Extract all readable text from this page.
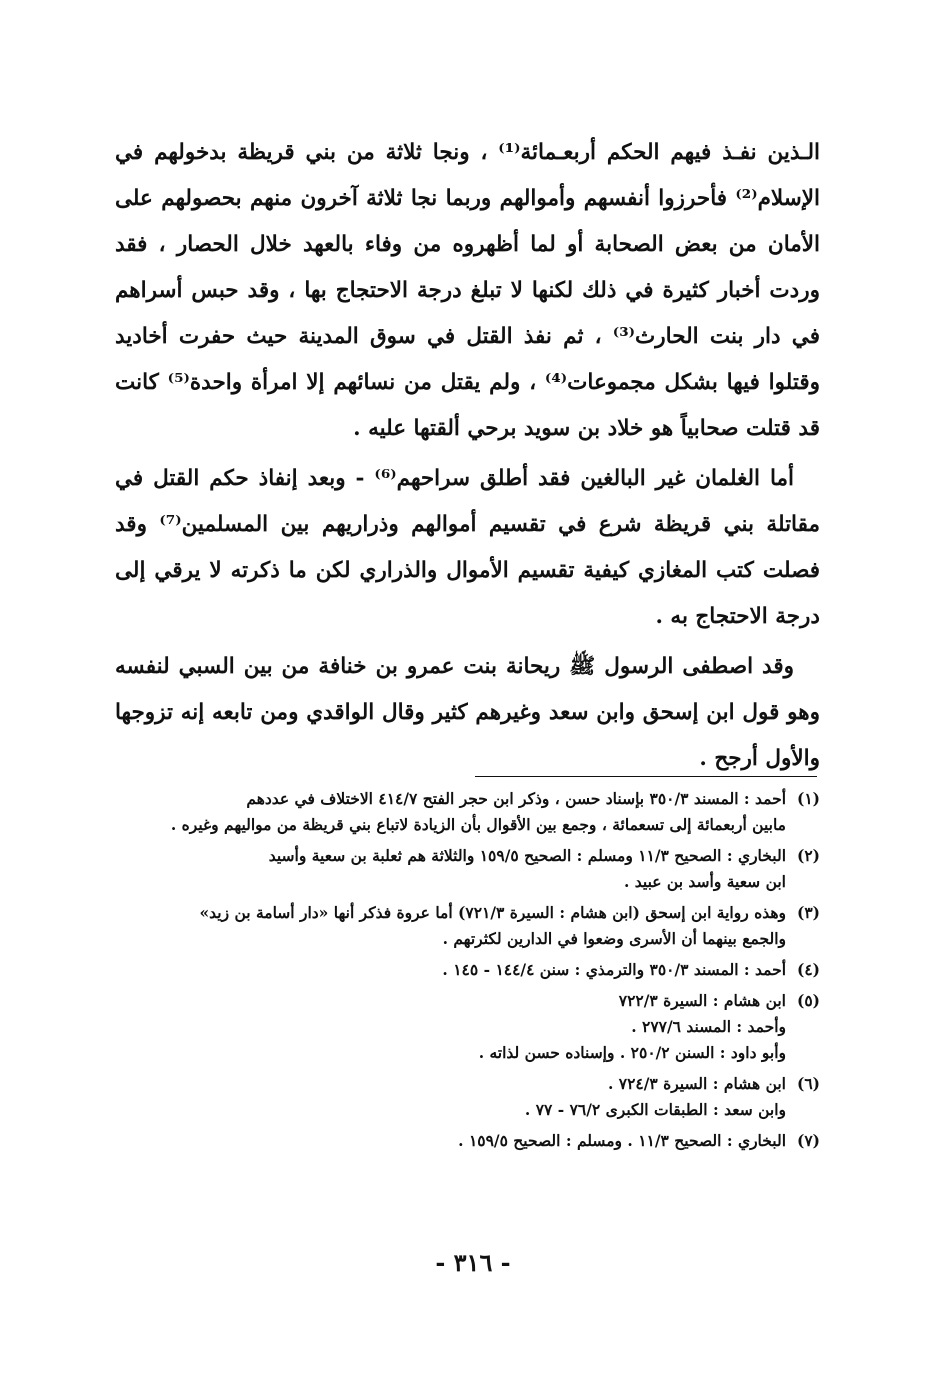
الـذين نفـذ فيهم الحكم أربعـمائة⁽¹⁾ ، ونجا ثلاثة من بني قريظة بدخولهم في الإسلام⁽²⁾ فأحرزوا أنفسهم وأموالهم وربما نجا ثلاثة آخرون منهم بحصولهم على الأمان من بعض الصحابة أو لما أظهروه من وفاء بالعهد خلال الحصار ، فقد وردت أخبار كثيرة في ذلك لكنها لا تبلغ درجة الاحتجاج بها ، وقد حبس أسراهم في دار بنت الحارث⁽³⁾ ، ثم نفذ القتل في سوق المدينة حيث حفرت أخاديد وقتلوا فيها بشكل مجموعات⁽⁴⁾ ، ولم يقتل من نسائهم إلا امرأة واحدة⁽⁵⁾ كانت قد قتلت صحابياً هو خلاد بن سويد برحي ألقتها عليه .

أما الغلمان غير البالغين فقد أطلق سراحهم⁽⁶⁾ - وبعد إنفاذ حكم القتل في مقاتلة بني قريظة شرع في تقسيم أموالهم وذراريهم بين المسلمين⁽⁷⁾ وقد فصلت كتب المغازي كيفية تقسيم الأموال والذراري لكن ما ذكرته لا يرقي إلى درجة الاحتجاج به .

وقد اصطفى الرسول ﷺ ريحانة بنت عمرو بن خنافة من بين السبي لنفسه وهو قول ابن إسحق وابن سعد وغيرهم كثير وقال الواقدي ومن تابعه إنه تزوجها والأول أرجح .

(١)
أحمد : المسند ٣٥٠/٣ بإسناد حسن ، وذكر ابن حجر الفتح ٤١٤/٧ الاختلاف في عددهم
مابين أربعمائة إلى تسعمائة ، وجمع بين الأقوال بأن الزيادة لاتباع بني قريظة من مواليهم وغيره .
(٢)
البخاري : الصحيح ١١/٣ ومسلم : الصحيح ١٥٩/٥ والثلاثة هم ثعلبة بن سعية وأسيد
ابن سعية وأسد بن عبيد .
(٣)
وهذه رواية ابن إسحق (ابن هشام : السيرة ٧٢١/٣) أما عروة فذكر أنها «دار أسامة بن زيد»
والجمع بينهما أن الأسرى وضعوا في الدارين لكثرتهم .
(٤)
أحمد : المسند ٣٥٠/٣ والترمذي : سنن ١٤٤/٤ - ١٤٥ .
(٥)
ابن هشام : السيرة ٧٢٢/٣
وأحمد : المسند ٢٧٧/٦ .
وأبو داود : السنن ٢٥٠/٢ . وإسناده حسن لذاته .
(٦)
ابن هشام : السيرة ٧٢٤/٣ .
وابن سعد : الطبقات الكبرى ٧٦/٢ - ٧٧ .
(٧)
البخاري : الصحيح ١١/٣ . ومسلم : الصحيح ١٥٩/٥ .
- ٣١٦ -
